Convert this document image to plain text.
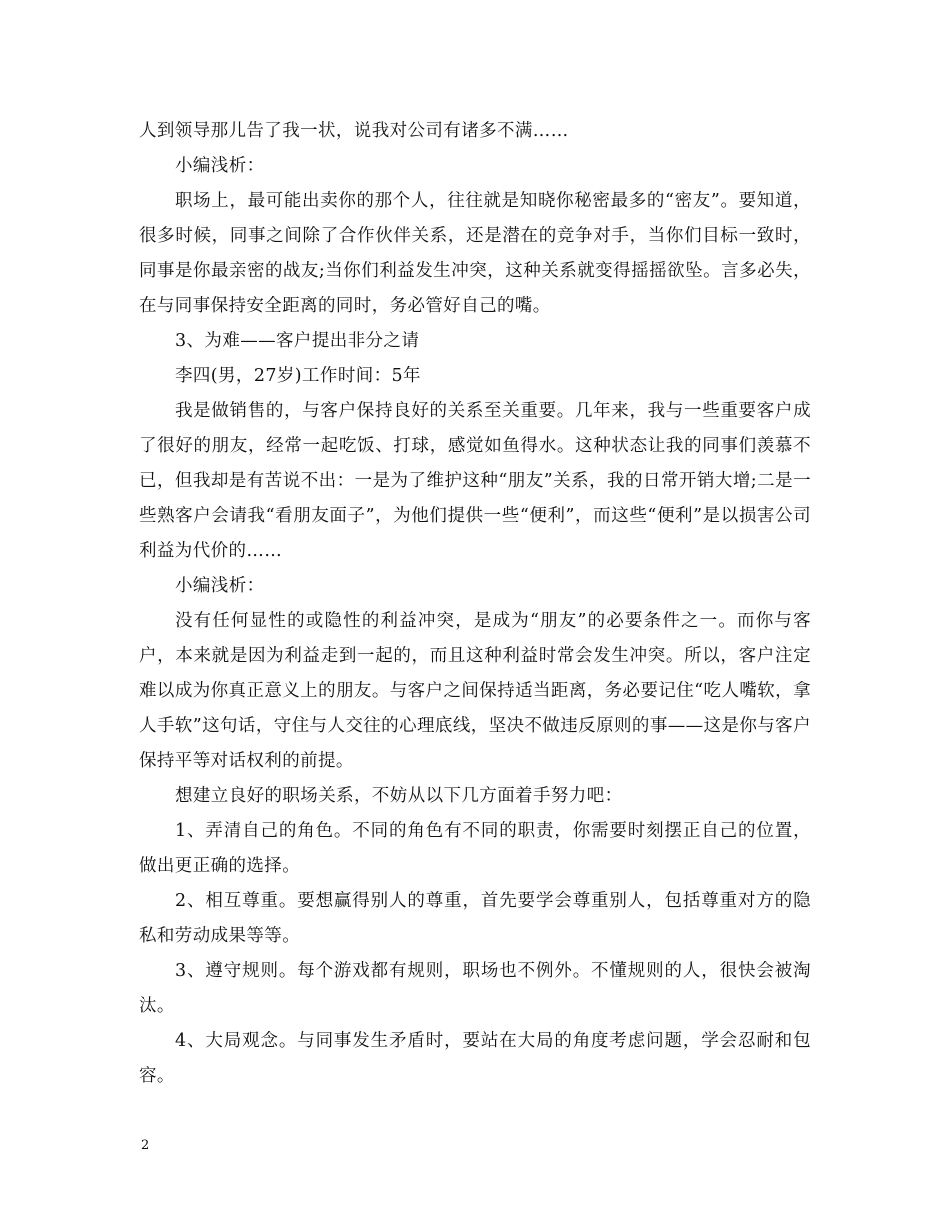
人到领导那儿告了我一状，说我对公司有诸多不满……

小编浅析：

职场上，最可能出卖你的那个人，往往就是知晓你秘密最多的“密友”。要知道，很多时候，同事之间除了合作伙伴关系，还是潜在的竞争对手，当你们目标一致时，同事是你最亲密的战友;当你们利益发生冲突，这种关系就变得摇摇欲坠。言多必失，在与同事保持安全距离的同时，务必管好自己的嘴。

3、为难——客户提出非分之请

李四(男，27岁)工作时间：5年

我是做销售的，与客户保持良好的关系至关重要。几年来，我与一些重要客户成了很好的朋友，经常一起吃饭、打球，感觉如鱼得水。这种状态让我的同事们羡慕不已，但我却是有苦说不出：一是为了维护这种“朋友”关系，我的日常开销大增;二是一些熟客户会请我“看朋友面子”，为他们提供一些“便利”，而这些“便利”是以损害公司利益为代价的……

小编浅析：

没有任何显性的或隐性的利益冲突，是成为“朋友”的必要条件之一。而你与客户，本来就是因为利益走到一起的，而且这种利益时常会发生冲突。所以，客户注定难以成为你真正意义上的朋友。与客户之间保持适当距离，务必要记住“吃人嘴软，拿人手软”这句话，守住与人交往的心理底线，坚决不做违反原则的事——这是你与客户保持平等对话权利的前提。

想建立良好的职场关系，不妨从以下几方面着手努力吧：

1、弄清自己的角色。不同的角色有不同的职责，你需要时刻摆正自己的位置，做出更正确的选择。

2、相互尊重。要想赢得别人的尊重，首先要学会尊重别人，包括尊重对方的隐私和劳动成果等等。

3、遵守规则。每个游戏都有规则，职场也不例外。不懂规则的人，很快会被淘汰。

4、大局观念。与同事发生矛盾时，要站在大局的角度考虑问题，学会忍耐和包容。

2
